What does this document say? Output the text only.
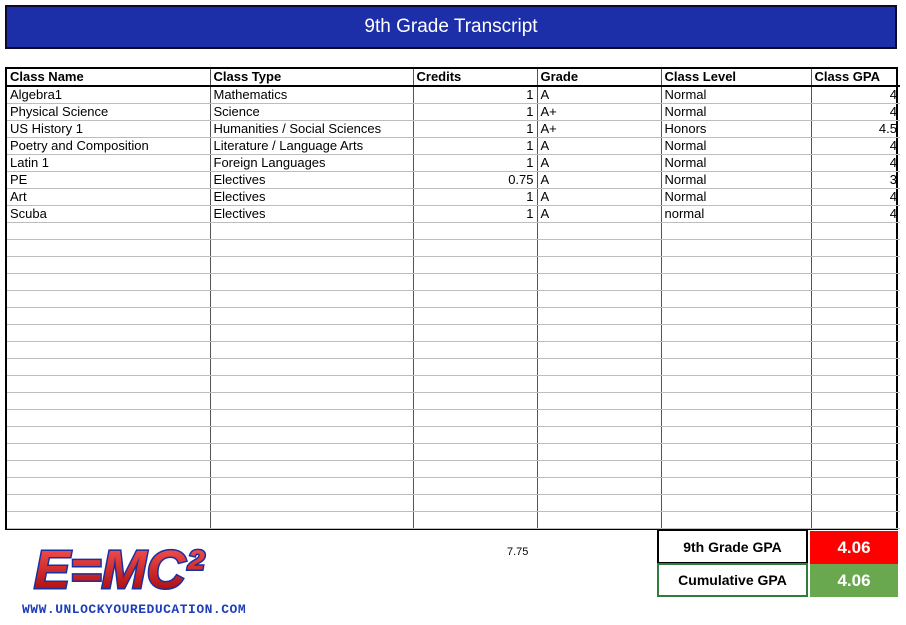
9th Grade Transcript
Class Name	Class Type	Credits	Grade	Class Level	Class GPA
Algebra1	Mathematics	1	A	Normal	4
Physical Science	Science	1	A+	Normal	4
US History 1	Humanities / Social Sciences	1	A+	Honors	4.5
Poetry and Composition	Literature / Language Arts	1	A	Normal	4
Latin 1	Foreign Languages	1	A	Normal	4
PE	Electives	0.75	A	Normal	3
Art	Electives	1	A	Normal	4
Scuba	Electives	1	A	normal	4

7.75	9th Grade GPA	4.06
Cumulative GPA	4.06
E=MC²
WWW.UNLOCKYOUREDUCATION.COM
